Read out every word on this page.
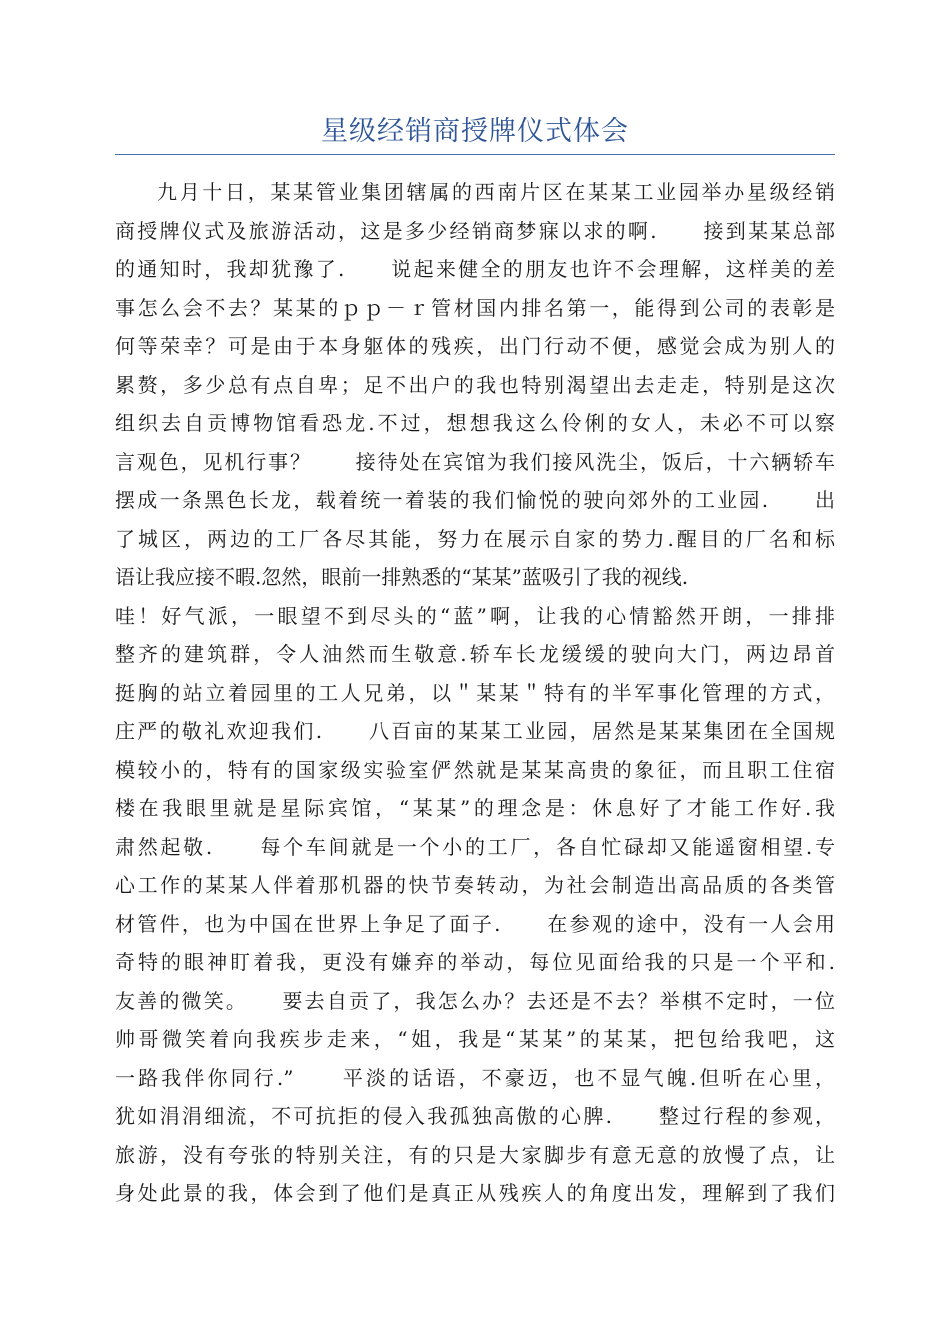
星级经销商授牌仪式体会
九月十日，某某管业集团辖属的西南片区在某某工业园举办星级经销
商授牌仪式及旅游活动，这是多少经销商梦寐以求的啊.　　接到某某总部
的通知时，我却犹豫了.　　说起来健全的朋友也许不会理解，这样美的差
事怎么会不去？某某的ｐｐ－ｒ管材国内排名第一，能得到公司的表彰是
何等荣幸？可是由于本身躯体的残疾，出门行动不便，感觉会成为别人的
累赘，多少总有点自卑；足不出户的我也特别渴望出去走走，特别是这次
组织去自贡博物馆看恐龙.不过，想想我这么伶俐的女人，未必不可以察
言观色，见机行事？　　接待处在宾馆为我们接风洗尘，饭后，十六辆轿车
摆成一条黑色长龙，载着统一着装的我们愉悦的驶向郊外的工业园.　　出
了城区，两边的工厂各尽其能，努力在展示自家的势力.醒目的厂名和标
语让我应接不暇.忽然，眼前一排熟悉的“某某”蓝吸引了我的视线.
哇！好气派，一眼望不到尽头的“蓝”啊，让我的心情豁然开朗，一排排
整齐的建筑群，令人油然而生敬意.轿车长龙缓缓的驶向大门，两边昂首
挺胸的站立着园里的工人兄弟，以＂某某＂特有的半军事化管理的方式，
庄严的敬礼欢迎我们.　　八百亩的某某工业园，居然是某某集团在全国规
模较小的，特有的国家级实验室俨然就是某某高贵的象征，而且职工住宿
楼在我眼里就是星际宾馆，“某某”的理念是：休息好了才能工作好.我
肃然起敬.　　每个车间就是一个小的工厂，各自忙碌却又能遥窗相望.专
心工作的某某人伴着那机器的快节奏转动，为社会制造出高品质的各类管
材管件，也为中国在世界上争足了面子.　　在参观的途中，没有一人会用
奇特的眼神盯着我，更没有嫌弃的举动，每位见面给我的只是一个平和.
友善的微笑。　　要去自贡了，我怎么办？去还是不去？举棋不定时，一位
帅哥微笑着向我疾步走来，“姐，我是“某某”的某某，把包给我吧，这
一路我伴你同行.”　　平淡的话语，不豪迈，也不显气魄.但听在心里，
犹如涓涓细流，不可抗拒的侵入我孤独高傲的心脾.　　整过行程的参观，
旅游，没有夸张的特别关注，有的只是大家脚步有意无意的放慢了点，让
身处此景的我，体会到了他们是真正从残疾人的角度出发，理解到了我们
